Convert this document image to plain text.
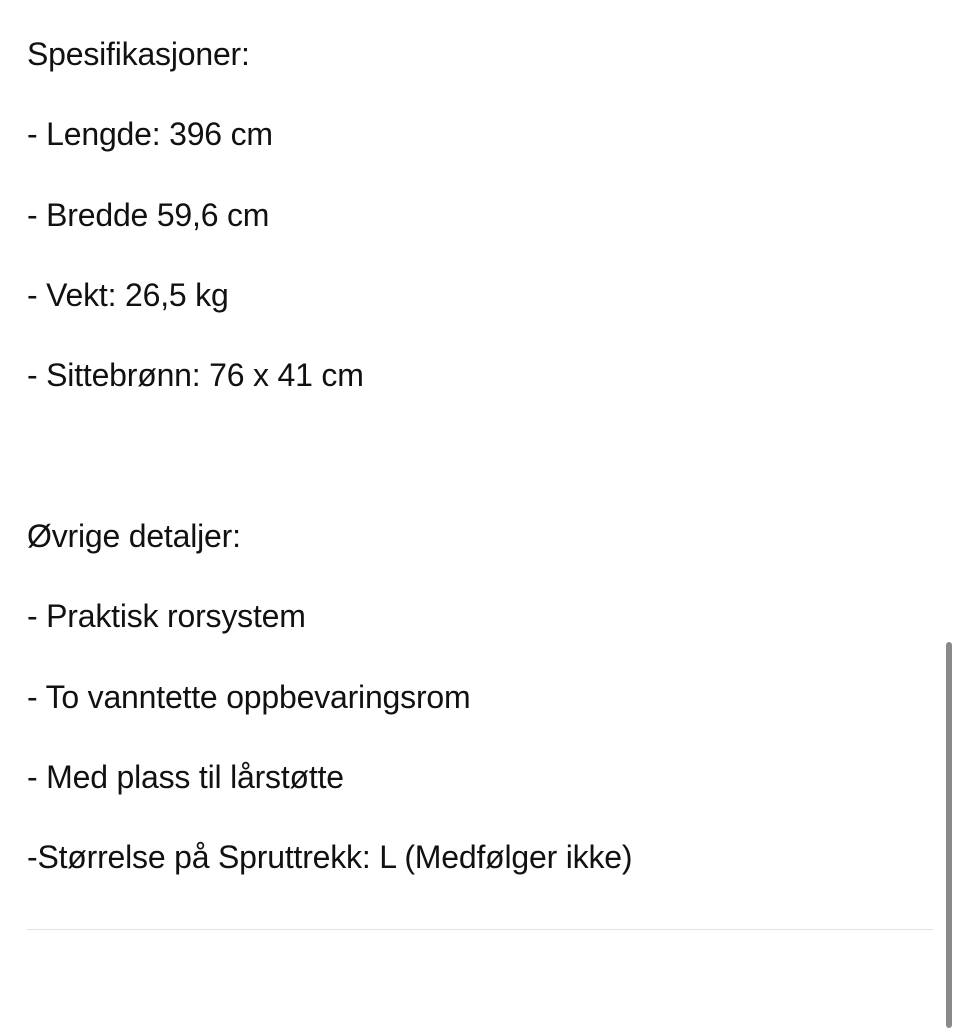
Spesifikasjoner:
- Lengde: 396 cm
- Bredde 59,6 cm
- Vekt: 26,5 kg
- Sittebrønn: 76 x 41 cm
Øvrige detaljer:
- Praktisk rorsystem
- To vanntette oppbevaringsrom
- Med plass til lårstøtte
-Størrelse på Spruttrekk: L (Medfølger ikke)
